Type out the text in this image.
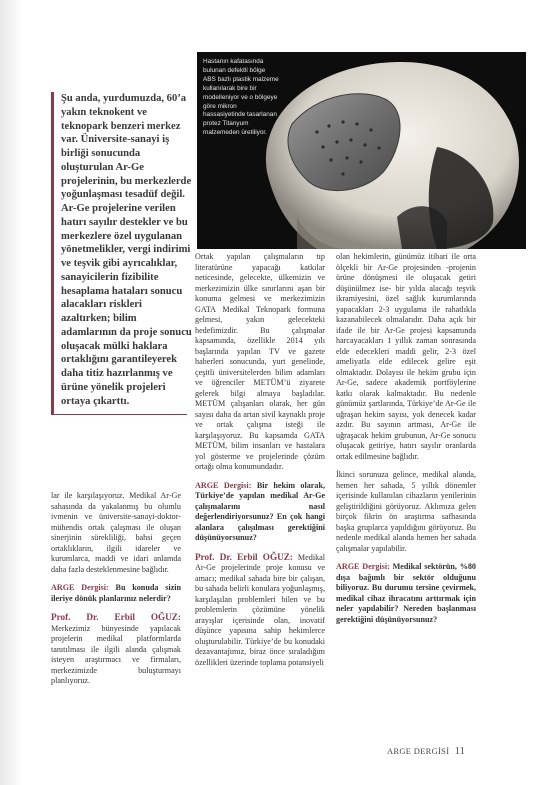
Hastanın kafatasında bulunan defektli bölge ABS bazlı plastik malzeme kullanılarak bire bir modelleniyor ve o bölgeye göre mikron hassasiyetinde tasarlanan protez Titanyum malzemeden üretiliyor.
Şu anda, yurdumuzda, 60’a yakın teknokent ve teknopark benzeri merkez var. Üniversite-sanayi iş birliği sonucunda oluşturulan Ar-Ge projelerinin, bu merkezlerde yoğunlaşması tesadüf değil. Ar-Ge projelerine verilen hatırı sayılır destekler ve bu merkezlere özel uygulanan yönetmelikler, vergi indirimi ve teşvik gibi ayrıcalıklar, sanayicilerin fizibilite hesaplama hataları sonucu alacakları riskleri azaltırken; bilim adamlarının da proje sonucu oluşacak mülki haklara ortaklığını garantileyerek daha titiz hazırlanmış ve ürüne yönelik projeleri ortaya çıkarttı.

lar ile karşılaşıyoruz. Medikal Ar-Ge sahasında da yakalanmış bu olumlu ivmenin ve üniversite-sanayi-doktor-mühendis ortak çalışması ile oluşan sinerjinin sürekliliği, bahsi geçen ortaklıkların, ilgili idareler ve kurumlarca, maddi ve idari anlamda daha fazla desteklenmesine bağlıdır.

ARGE Dergisi: Bu konuda sizin ileriye dönük planlarınız nelerdir?

Prof. Dr. Erbil OĞUZ: Merkezimiz bünyesinde yapılacak projelerin medikal platformlarda tanıtılması ile ilgili alanda çalışmak isteyen araştırmacı ve firmaları, merkezimizde buluşturmayı planlıyoruz.

Ortak yapılan çalışmaların tıp literatürüne yapacağı katkılar neticesinde, gelecekte, ülkemizin ve merkezimizin ülke sınırlarını aşan bir konuma gelmesi ve merkezimizin GATA Medikal Teknopark formuna gelmesi, yakın gelecekteki hedefimizdir. Bu çalışmalar kapsamında, özellikle 2014 yılı başlarında yapılan TV ve gazete haberleri sonucunda, yurt genelinde, çeşitli üniversitelerden bilim adamları ve öğrenciler METÜM’ü ziyarete gelerek bilgi almaya başladılar. METÜM çalışanları olarak, her gün sayısı daha da artan sivil kaynaklı proje ve ortak çalışma isteği ile karşılaşıyoruz. Bu kapsamda GATA METÜM, bilim insanları ve hastalara yol gösterme ve projelerinde çözüm ortağı olma konumundadır.

ARGE Dergisi: Bir hekim olarak, Türkiye’de yapılan medikal Ar-Ge çalışmalarını nasıl değerlendiriyorsunuz? En çok hangi alanlara çalışılması gerektiğini düşünüyorsunuz?

Prof. Dr. Erbil OĞUZ: Medikal Ar-Ge projelerinde proje konusu ve amacı; medikal sahada bire bir çalışan, bu sahada belirli konulara yoğunlaşmış, karşılaşılan problemleri bilen ve bu problemlerin çözümüne yönelik arayışlar içerisinde olan, inovatif düşünce yapısına sahip hekimlerce oluşturulabilir. Türkiye’de bu konudaki dezavantajımız, biraz önce sıraladığım özellikleri üzerinde toplama potansiyeli

olan hekimlerin, günümüz itibari ile orta ölçekli bir Ar-Ge projesinden -projenin ürüne dönüşmesi ile oluşacak getiri düşünülmez ise- bir yılda alacağı teşvik ikramiyesini, özel sağlık kurumlarında yapacakları 2-3 uygulama ile rahatlıkla kazanabilecek olmalarıdır. Daha açık bir ifade ile bir Ar-Ge projesi kapsamında harcayacakları 1 yıllık zaman sonrasında elde edecekleri maddi gelir, 2-3 özel ameliyatla elde edilecek gelire eşit olmaktadır. Dolayısı ile hekim grubu için Ar-Ge, sadece akademik portföylerine katkı olarak kalmaktadır. Bu nedenle günümüz şartlarında, Türkiye’de Ar-Ge ile uğraşan hekim sayısı, yok denecek kadar azdır. Bu sayının artması, Ar-Ge ile uğraşacak hekim grubunun, Ar-Ge sonucu oluşacak getiriye, hatırı sayılır oranlarda ortak edilmesine bağlıdır.

İkinci sorunuza gelince, medikal alanda, hemen her sahada, 5 yıllık dönemler içerisinde kullanılan cihazların yenilerinin geliştirildiğini görüyoruz. Aklımıza gelen birçok fikrin ön araştırma safhasında başka gruplarca yapıldığını görüyoruz. Bu nedenle medikal alanda hemen her sahada çalışmalar yapılabilir.

ARGE Dergisi: Medikal sektörün, %80 dışa bağımlı bir sektör olduğunu biliyoruz. Bu durumu tersine çevirmek, medikal cihaz ihracatını arttırmak için neler yapılabilir? Nereden başlanması gerektiğini düşünüyorsunuz?

ARGE DERGİSİ 11
